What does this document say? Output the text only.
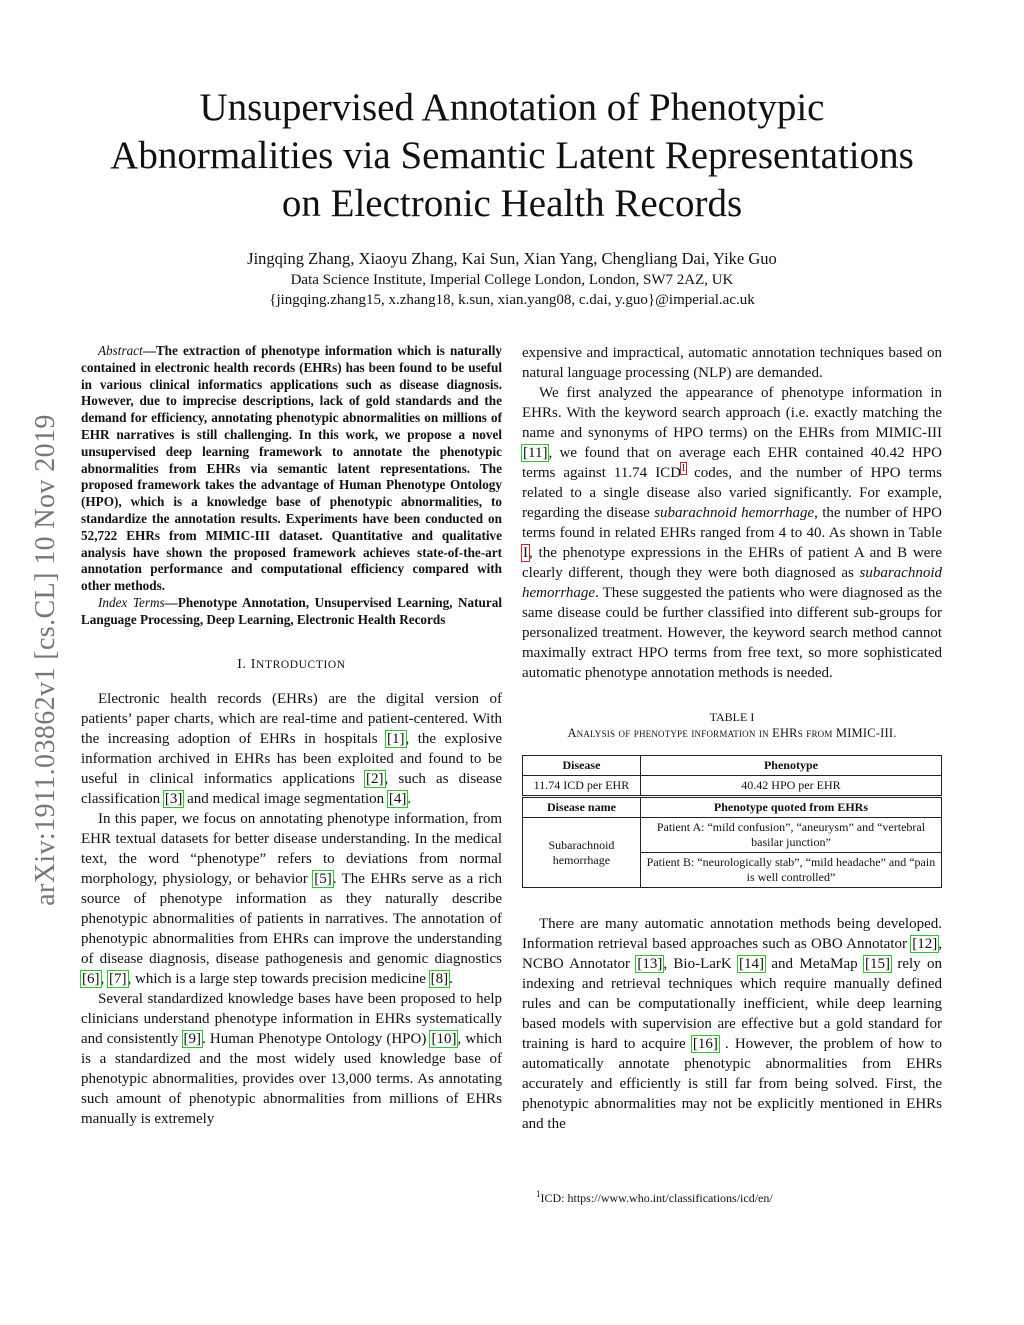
Unsupervised Annotation of Phenotypic
Abnormalities via Semantic Latent Representations
on Electronic Health Records
Jingqing Zhang, Xiaoyu Zhang, Kai Sun, Xian Yang, Chengliang Dai, Yike Guo
Data Science Institute, Imperial College London, London, SW7 2AZ, UK
{jingqing.zhang15, x.zhang18, k.sun, xian.yang08, c.dai, y.guo}@imperial.ac.uk
arXiv:1911.03862v1 [cs.CL] 10 Nov 2019

Abstract—The extraction of phenotype information which is naturally contained in electronic health records (EHRs) has been found to be useful in various clinical informatics applications such as disease diagnosis. However, due to imprecise descriptions, lack of gold standards and the demand for efficiency, annotating phenotypic abnormalities on millions of EHR narratives is still challenging. In this work, we propose a novel unsupervised deep learning framework to annotate the phenotypic abnormalities from EHRs via semantic latent representations. The proposed framework takes the advantage of Human Phenotype Ontology (HPO), which is a knowledge base of phenotypic abnormalities, to standardize the annotation results. Experiments have been conducted on 52,722 EHRs from MIMIC-III dataset. Quantitative and qualitative analysis have shown the proposed framework achieves state-of-the-art annotation performance and computational efficiency compared with other methods.

Index Terms—Phenotype Annotation, Unsupervised Learning, Natural Language Processing, Deep Learning, Electronic Health Records

I. INTRODUCTION

Electronic health records (EHRs) are the digital version of patients’ paper charts, which are real-time and patient-centered. With the increasing adoption of EHRs in hospitals [1], the explosive information archived in EHRs has been exploited and found to be useful in clinical informatics applications [2], such as disease classification [3] and medical image segmentation [4].

In this paper, we focus on annotating phenotype information, from EHR textual datasets for better disease understanding. In the medical text, the word “phenotype” refers to deviations from normal morphology, physiology, or behavior [5]. The EHRs serve as a rich source of phenotype information as they naturally describe phenotypic abnormalities of patients in narratives. The annotation of phenotypic abnormalities from EHRs can improve the understanding of disease diagnosis, disease pathogenesis and genomic diagnostics [6], [7], which is a large step towards precision medicine [8].

Several standardized knowledge bases have been proposed to help clinicians understand phenotype information in EHRs systematically and consistently [9]. Human Phenotype Ontology (HPO) [10], which is a standardized and the most widely used knowledge base of phenotypic abnormalities, provides over 13,000 terms. As annotating such amount of phenotypic abnormalities from millions of EHRs manually is extremely

expensive and impractical, automatic annotation techniques based on natural language processing (NLP) are demanded.

We first analyzed the appearance of phenotype information in EHRs. With the keyword search approach (i.e. exactly matching the name and synonyms of HPO terms) on the EHRs from MIMIC-III [11], we found that on average each EHR contained 40.42 HPO terms against 11.74 ICD$^1$ codes, and the number of HPO terms related to a single disease also varied significantly. For example, regarding the disease subarachnoid hemorrhage, the number of HPO terms found in related EHRs ranged from 4 to 40. As shown in Table I, the phenotype expressions in the EHRs of patient A and B were clearly different, though they were both diagnosed as subarachnoid hemorrhage. These suggested the patients who were diagnosed as the same disease could be further classified into different sub-groups for personalized treatment. However, the keyword search method cannot maximally extract HPO terms from free text, so more sophisticated automatic phenotype annotation methods is needed.

TABLE I
Analysis of phenotype information in EHRs from MIMIC-III.
Disease	Phenotype
11.74 ICD per EHR	40.42 HPO per EHR
Disease name	Phenotype quoted from EHRs
Subarachnoid hemorrhage	Patient A: “mild confusion”, “aneurysm” and “vertebral basilar junction”
	Patient B: “neurologically stab”, “mild headache” and “pain is well controlled”

There are many automatic annotation methods being developed. Information retrieval based approaches such as OBO Annotator [12], NCBO Annotator [13], Bio-LarK [14] and MetaMap [15] rely on indexing and retrieval techniques which require manually defined rules and can be computationally inefficient, while deep learning based models with supervision are effective but a gold standard for training is hard to acquire [16] . However, the problem of how to automatically annotate phenotypic abnormalities from EHRs accurately and efficiently is still far from being solved. First, the phenotypic abnormalities may not be explicitly mentioned in EHRs and the

$^1$ICD: https://www.who.int/classifications/icd/en/
